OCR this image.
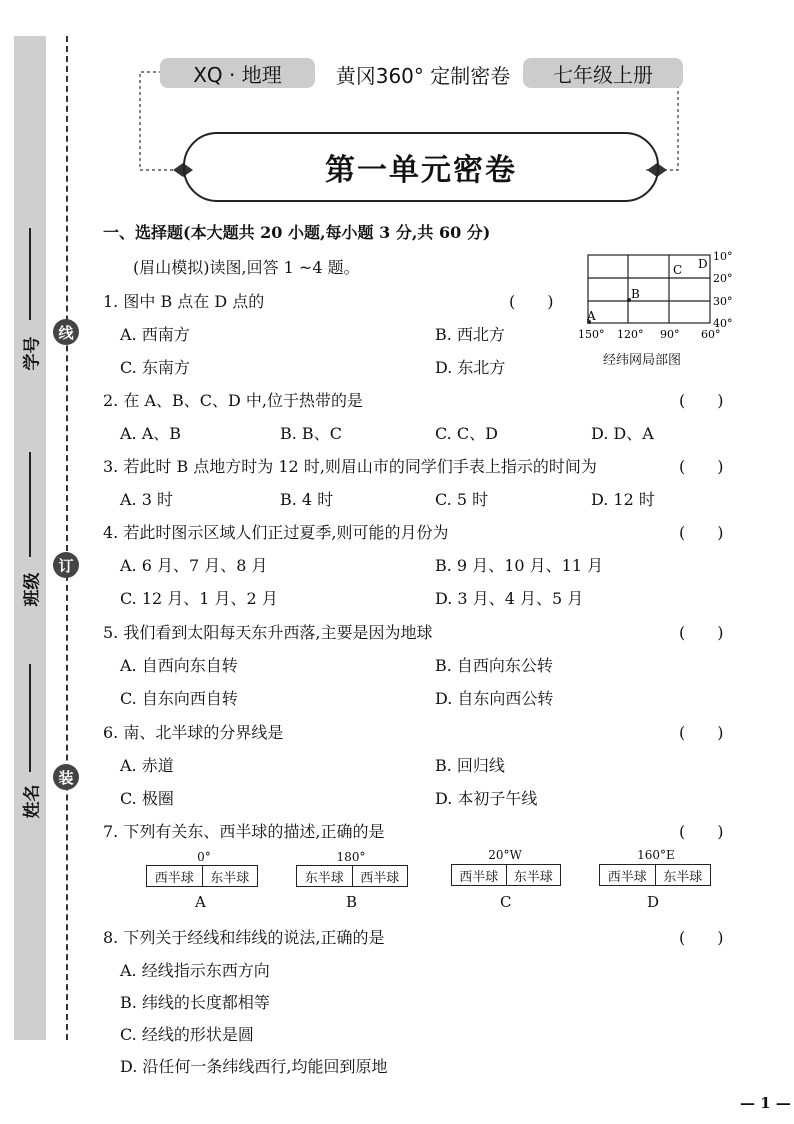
学号
班级
姓名
线
订
装
XQ · 地理	黄冈360° 定制密卷	七年级上册
第一单元密卷
一、选择题(本大题共 20 小题,每小题 3 分,共 60 分)
(眉山模拟)读图,回答 1 ~4 题。
A
B
C D
10°
20°
30°
40°
150° 120° 90° 60°
经纬网局部图
1. 图中 B 点在 D 点的	(　　)
A. 西南方	B. 西北方
C. 东南方	D. 东北方
2. 在 A、B、C、D 中,位于热带的是	(　　)
A. A、B	B. B、C	C. C、D	D. D、A
3. 若此时 B 点地方时为 12 时,则眉山市的同学们手表上指示的时间为	(　　)
A. 3 时	B. 4 时	C. 5 时	D. 12 时
4. 若此时图示区域人们正过夏季,则可能的月份为	(　　)
A. 6 月、7 月、8 月	B. 9 月、10 月、11 月
C. 12 月、1 月、2 月	D. 3 月、4 月、5 月
5. 我们看到太阳每天东升西落,主要是因为地球	(　　)
A. 自西向东自转	B. 自西向东公转
C. 自东向西自转	D. 自东向西公转
6. 南、北半球的分界线是	(　　)
A. 赤道	B. 回归线
C. 极圈	D. 本初子午线
7. 下列有关东、西半球的描述,正确的是	(　　)
0°
西半球	东半球
A
180°
东半球	西半球
B
20°W
西半球	东半球
C
160°E
西半球	东半球
D
8. 下列关于经线和纬线的说法,正确的是	(　　)
A. 经线指示东西方向
B. 纬线的长度都相等
C. 经线的形状是圆
D. 沿任何一条纬线西行,均能回到原地
— 1 —
